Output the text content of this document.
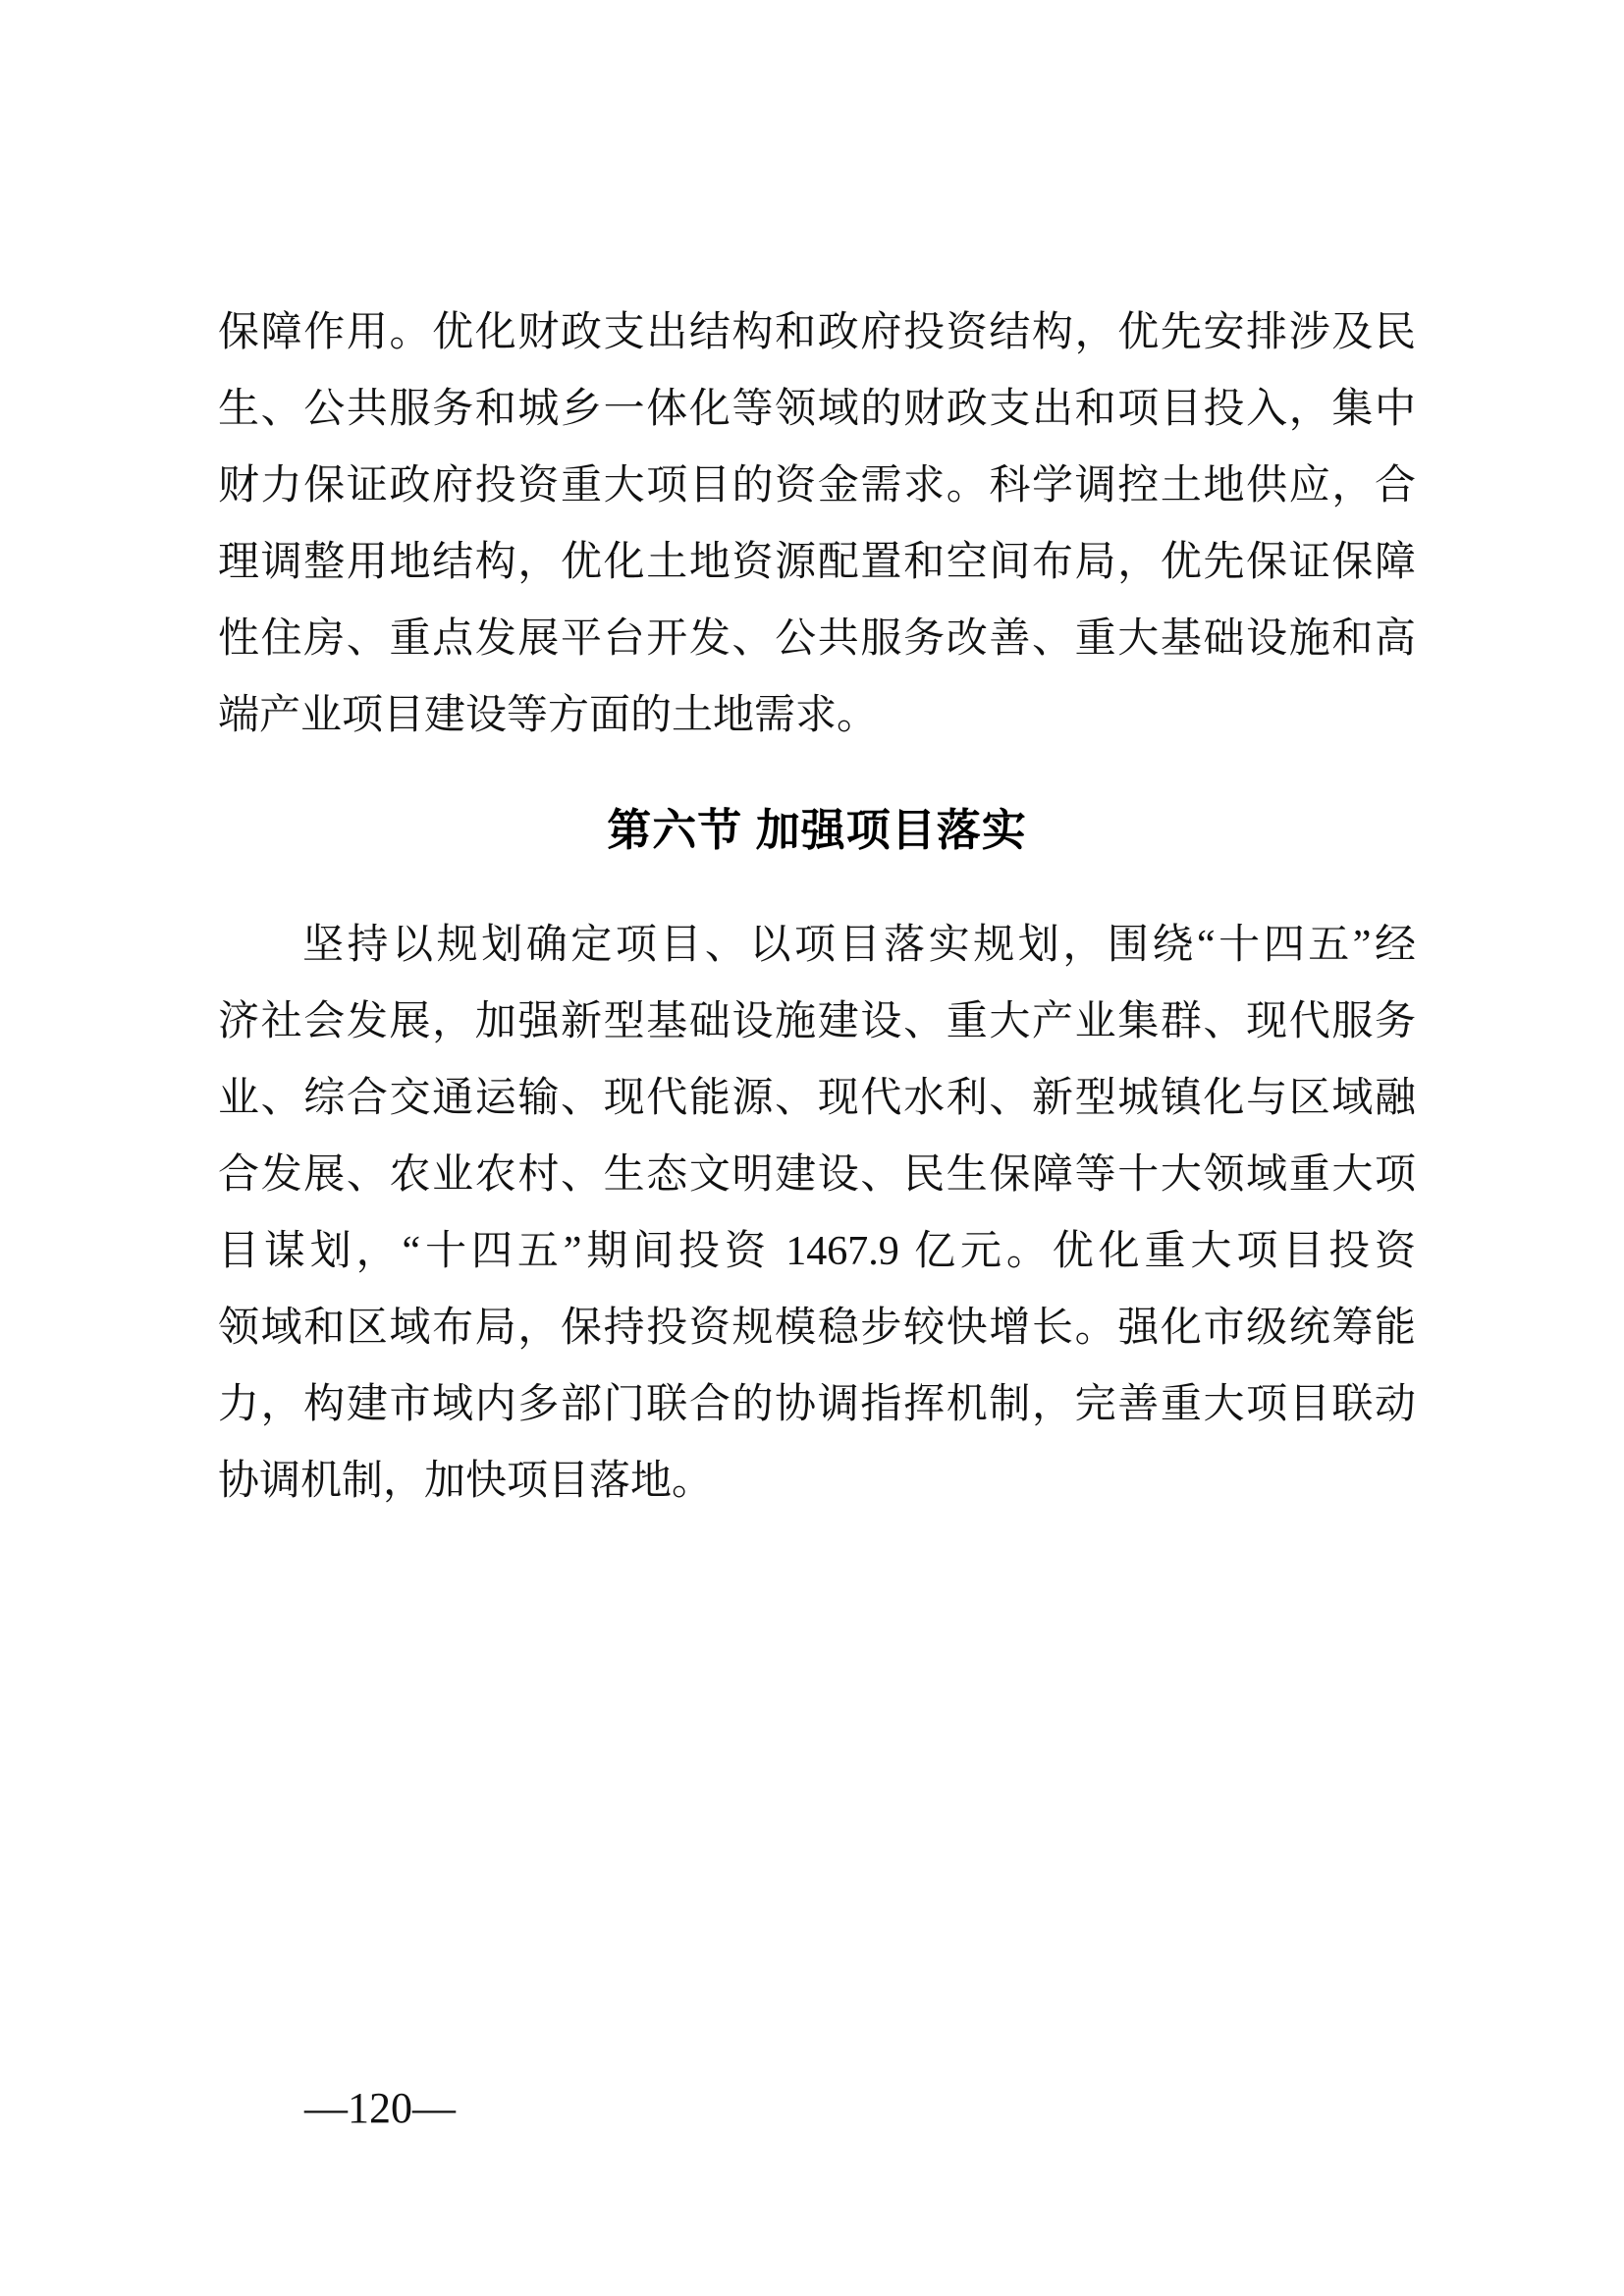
保障作用。优化财政支出结构和政府投资结构，优先安排涉及民
生、公共服务和城乡一体化等领域的财政支出和项目投入，集中
财力保证政府投资重大项目的资金需求。科学调控土地供应，合
理调整用地结构，优化土地资源配置和空间布局，优先保证保障
性住房、重点发展平台开发、公共服务改善、重大基础设施和高
端产业项目建设等方面的土地需求。
第六节 加强项目落实
坚持以规划确定项目、以项目落实规划，围绕“十四五”经
济社会发展，加强新型基础设施建设、重大产业集群、现代服务
业、综合交通运输、现代能源、现代水利、新型城镇化与区域融
合发展、农业农村、生态文明建设、民生保障等十大领域重大项
目谋划，“十四五”期间投资 1467.9 亿元。优化重大项目投资
领域和区域布局，保持投资规模稳步较快增长。强化市级统筹能
力，构建市域内多部门联合的协调指挥机制，完善重大项目联动
协调机制，加快项目落地。
—120—
